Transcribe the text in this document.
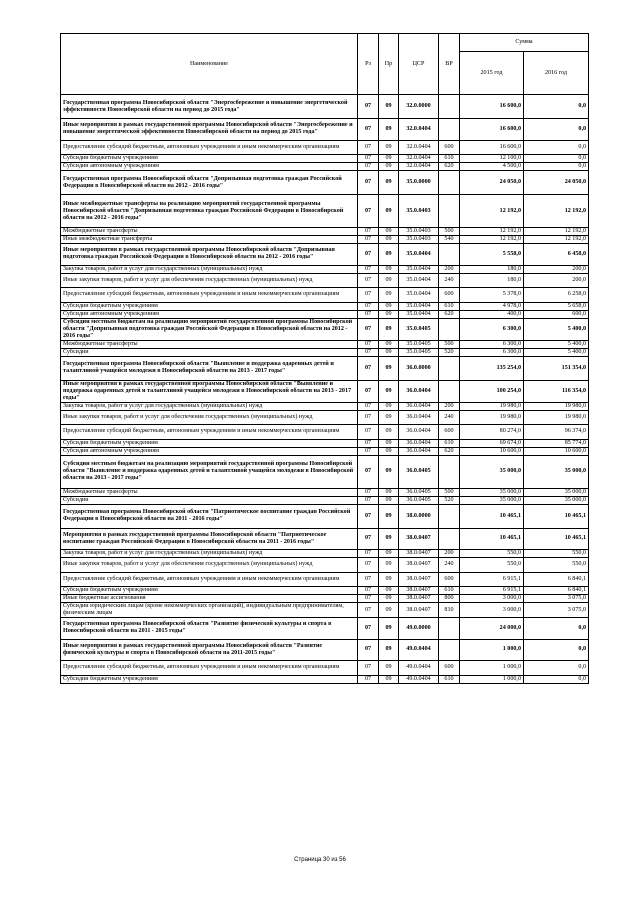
Наименование	Рз	Пр	ЦСР	ВР	Сумма	
					2015 год	2016 год
Государственная программа Новосибирской области "Энергосбережение и повышение энергетической эффективности Новосибирской области на период до 2015 года"	07	09	32.0.0000		16 600,0	0,0
Иные мероприятия в рамках государственной программы Новосибирской области "Энергосбережение и повышение энергетической эффективности Новосибирской области на период до 2015 года"	07	09	32.0.0404		16 600,0	0,0
Предоставление субсидий бюджетным, автономным учреждениям и иным некоммерческим организациям	07	09	32.0.0404	600	16 600,0	0,0
Субсидии бюджетным учреждениям	07	09	32.0.0404	610	12 100,0	0,0
Субсидии автономным учреждениям	07	09	32.0.0404	620	4 500,0	0,0
Государственная программа Новосибирской области "Допризывная подготовка граждан Российской Федерации в Новосибирской области на 2012 - 2016 годы"	07	09	35.0.0000		24 050,0	24 050,0
Иные межбюджетные трансферты на реализацию мероприятий государственной программы Новосибирской области "Допризывная подготовка граждан Российской Федерации в Новосибирской области на 2012 - 2016 годы"	07	09	35.0.0403		12 192,0	12 192,0
Межбюджетные трансферты	07	09	35.0.0403	500	12 192,0	12 192,0
Иные межбюджетные трансферты	07	09	35.0.0403	540	12 192,0	12 192,0
Иные мероприятия в рамках государственной программы Новосибирской области "Допризывная подготовка граждан Российской Федерации в Новосибирской области на 2012 - 2016 годы"	07	09	35.0.0404		5 558,0	6 458,0
Закупка товаров, работ и услуг для государственных (муниципальных) нужд	07	09	35.0.0404	200	180,0	200,0
Иные закупки товаров, работ и услуг для обеспечения государственных (муниципальных) нужд	07	09	35.0.0404	240	180,0	200,0
Предоставление субсидий бюджетным, автономным учреждениям и иным некоммерческим организациям	07	09	35.0.0404	600	5 378,0	6 258,0
Субсидии бюджетным учреждениям	07	09	35.0.0404	610	4 978,0	5 658,0
Субсидии автономным учреждениям	07	09	35.0.0404	620	400,0	600,0
Субсидии местным бюджетам на реализацию мероприятий государственной программы Новосибирской области "Допризывная подготовка граждан Российской Федерации в Новосибирской области на 2012 - 2016 годы"	07	09	35.0.0405		6 300,0	5 400,0
Межбюджетные трансферты	07	09	35.0.0405	500	6 300,0	5 400,0
Субсидии	07	09	35.0.0405	520	6 300,0	5 400,0
Государственная программа Новосибирской области "Выявление и поддержка одаренных детей и талантливой учащейся молодежи в Новосибирской области на 2013 - 2017 годы"	07	09	36.0.0000		135 254,0	151 354,0
Иные мероприятия в рамках государственной программы Новосибирской области "Выявление и поддержка одаренных детей и талантливой учащейся молодежи в Новосибирской области на 2013 - 2017 годы"	07	09	36.0.0404		100 254,0	116 354,0
Закупка товаров, работ и услуг для государственных (муниципальных) нужд	07	09	36.0.0404	200	19 980,0	19 980,0
Иные закупки товаров, работ и услуг для обеспечения государственных (муниципальных) нужд	07	09	36.0.0404	240	19 980,0	19 980,0
Предоставление субсидий бюджетным, автономным учреждениям и иным некоммерческим организациям	07	09	36.0.0404	600	80 274,0	96 374,0
Субсидии бюджетным учреждениям	07	09	36.0.0404	610	69 674,0	85 774,0
Субсидии автономным учреждениям	07	09	36.0.0404	620	10 600,0	10 600,0
Субсидии местным бюджетам на реализацию мероприятий государственной программы Новосибирской области "Выявление и поддержка одаренных детей и талантливой учащейся молодежи в Новосибирской области на 2013 - 2017 годы"	07	09	36.0.0405		35 000,0	35 000,0
Межбюджетные трансферты	07	09	36.0.0405	500	35 000,0	35 000,0
Субсидии	07	09	36.0.0405	520	35 000,0	35 000,0
Государственная программа Новосибирской области "Патриотическое воспитание граждан Российской Федерации в Новосибирской области на 2011 - 2016 годы"	07	09	38.0.0000		10 465,1	10 465,1
Мероприятия в рамках государственной программы Новосибирской области "Патриотическое воспитание граждан Российской Федерации в Новосибирской области на 2011 - 2016 годы"	07	09	38.0.0407		10 465,1	10 465,1
Закупка товаров, работ и услуг для государственных (муниципальных) нужд	07	09	38.0.0407	200	550,0	550,0
Иные закупки товаров, работ и услуг для обеспечения государственных (муниципальных) нужд	07	09	38.0.0407	240	550,0	550,0
Предоставление субсидий бюджетным, автономным учреждениям и иным некоммерческим организациям	07	09	38.0.0407	600	6 915,1	6 840,1
Субсидии бюджетным учреждениям	07	09	38.0.0407	610	6 915,1	6 840,1
Иные бюджетные ассигнования	07	09	38.0.0407	800	3 000,0	3 075,0
Субсидии юридическим лицам (кроме некоммерческих организаций), индивидуальным предпринимателям, физическим лицам	07	09	38.0.0407	810	3 000,0	3 075,0
Государственная программа Новосибирской области "Развитие физической культуры и спорта в Новосибирской области на 2011 - 2015 годы"	07	09	49.0.0000		24 000,0	0,0
Иные мероприятия в рамках государственной программы Новосибирской области "Развитие физической культуры и спорта в Новосибирской области на 2011-2015 годы"	07	09	49.0.0404		1 000,0	0,0
Предоставление субсидий бюджетным, автономным учреждениям и иным некоммерческим организациям	07	09	49.0.0404	600	1 000,0	0,0
Субсидии бюджетным учреждениям	07	09	49.0.0404	610	1 000,0	0,0
Страница 30 из 56
